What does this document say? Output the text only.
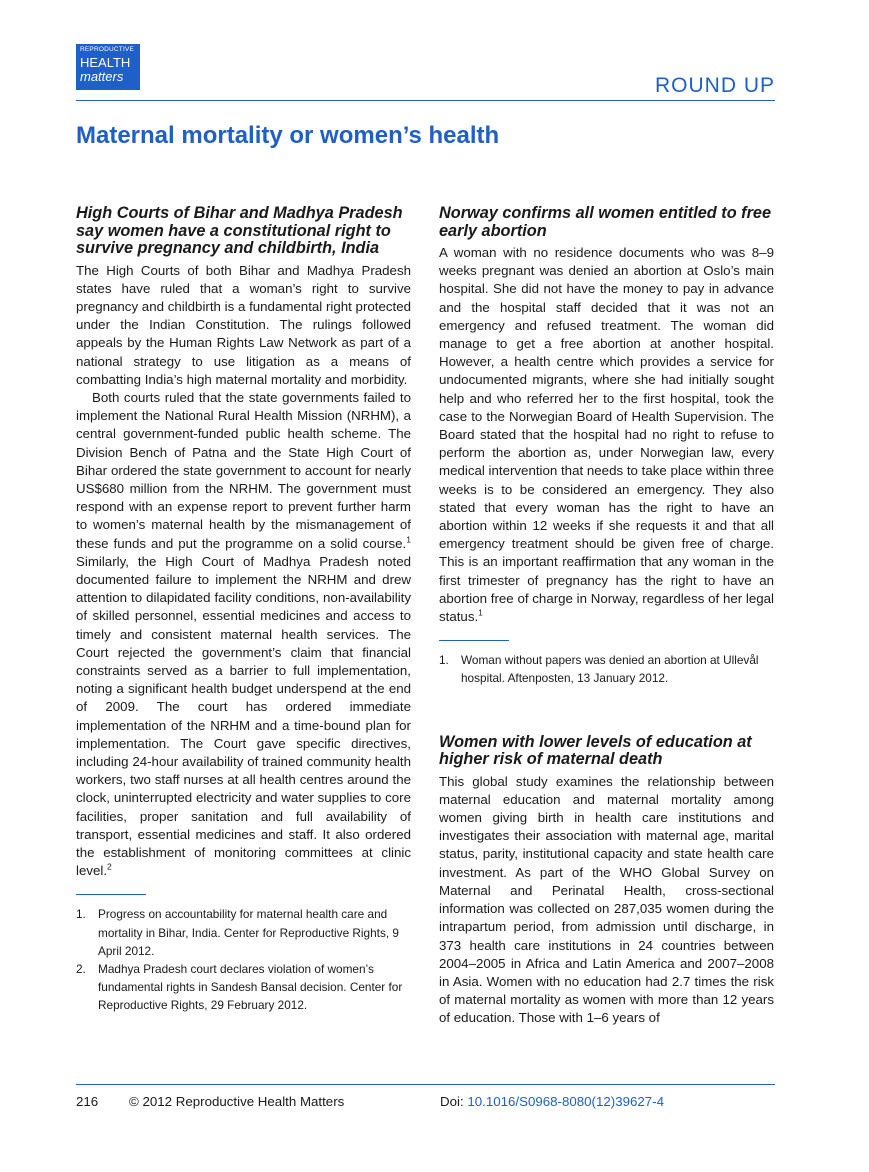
REPRODUCTIVE
HEALTH
matters	ROUND UP
Maternal mortality or women’s health
High Courts of Bihar and Madhya Pradesh say women have a constitutional right to survive pregnancy and childbirth, India

The High Courts of both Bihar and Madhya Pradesh states have ruled that a woman’s right to survive pregnancy and childbirth is a fundamental right protected under the Indian Constitution. The rulings followed appeals by the Human Rights Law Network as part of a national strategy to use litigation as a means of combatting India’s high maternal mortality and morbidity.

Both courts ruled that the state governments failed to implement the National Rural Health Mission (NRHM), a central government-funded public health scheme. The Division Bench of Patna and the State High Court of Bihar ordered the state government to account for nearly US$680 million from the NRHM. The government must respond with an expense report to prevent further harm to women’s maternal health by the mismanagement of these funds and put the programme on a solid course.$^1$ Similarly, the High Court of Madhya Pradesh noted documented failure to implement the NRHM and drew attention to dilapidated facility conditions, non-availability of skilled personnel, essential medicines and access to timely and consistent maternal health services. The Court rejected the government’s claim that financial constraints served as a barrier to full implementation, noting a significant health budget underspend at the end of 2009. The court has ordered immediate implementation of the NRHM and a time-bound plan for implementation. The Court gave specific directives, including 24-hour availability of trained community health workers, two staff nurses at all health centres around the clock, uninterrupted electricity and water supplies to core facilities, proper sanitation and full availability of transport, essential medicines and staff. It also ordered the establishment of monitoring committees at clinic level.$^2$

1. Progress on accountability for maternal health care and mortality in Bihar, India. Center for Reproductive Rights, 9 April 2012.
2. Madhya Pradesh court declares violation of women’s fundamental rights in Sandesh Bansal decision. Center for Reproductive Rights, 29 February 2012.
Norway confirms all women entitled to free early abortion

A woman with no residence documents who was 8–9 weeks pregnant was denied an abortion at Oslo’s main hospital. She did not have the money to pay in advance and the hospital staff decided that it was not an emergency and refused treatment. The woman did manage to get a free abortion at another hospital. However, a health centre which provides a service for undocumented migrants, where she had initially sought help and who referred her to the first hospital, took the case to the Norwegian Board of Health Supervision. The Board stated that the hospital had no right to refuse to perform the abortion as, under Norwegian law, every medical intervention that needs to take place within three weeks is to be considered an emergency. They also stated that every woman has the right to have an abortion within 12 weeks if she requests it and that all emergency treatment should be given free of charge. This is an important reaffirmation that any woman in the first trimester of pregnancy has the right to have an abortion free of charge in Norway, regardless of her legal status.$^1$

1. Woman without papers was denied an abortion at Ullevål hospital. Aftenposten, 13 January 2012.
Women with lower levels of education at higher risk of maternal death

This global study examines the relationship between maternal education and maternal mortality among women giving birth in health care institutions and investigates their association with maternal age, marital status, parity, institutional capacity and state health care investment. As part of the WHO Global Survey on Maternal and Perinatal Health, cross-sectional information was collected on 287,035 women during the intrapartum period, from admission until discharge, in 373 health care institutions in 24 countries between 2004–2005 in Africa and Latin America and 2007–2008 in Asia. Women with no education had 2.7 times the risk of maternal mortality as women with more than 12 years of education. Those with 1–6 years of

216 © 2012 Reproductive Health Matters	Doi: 10.1016/S0968-8080(12)39627-4
